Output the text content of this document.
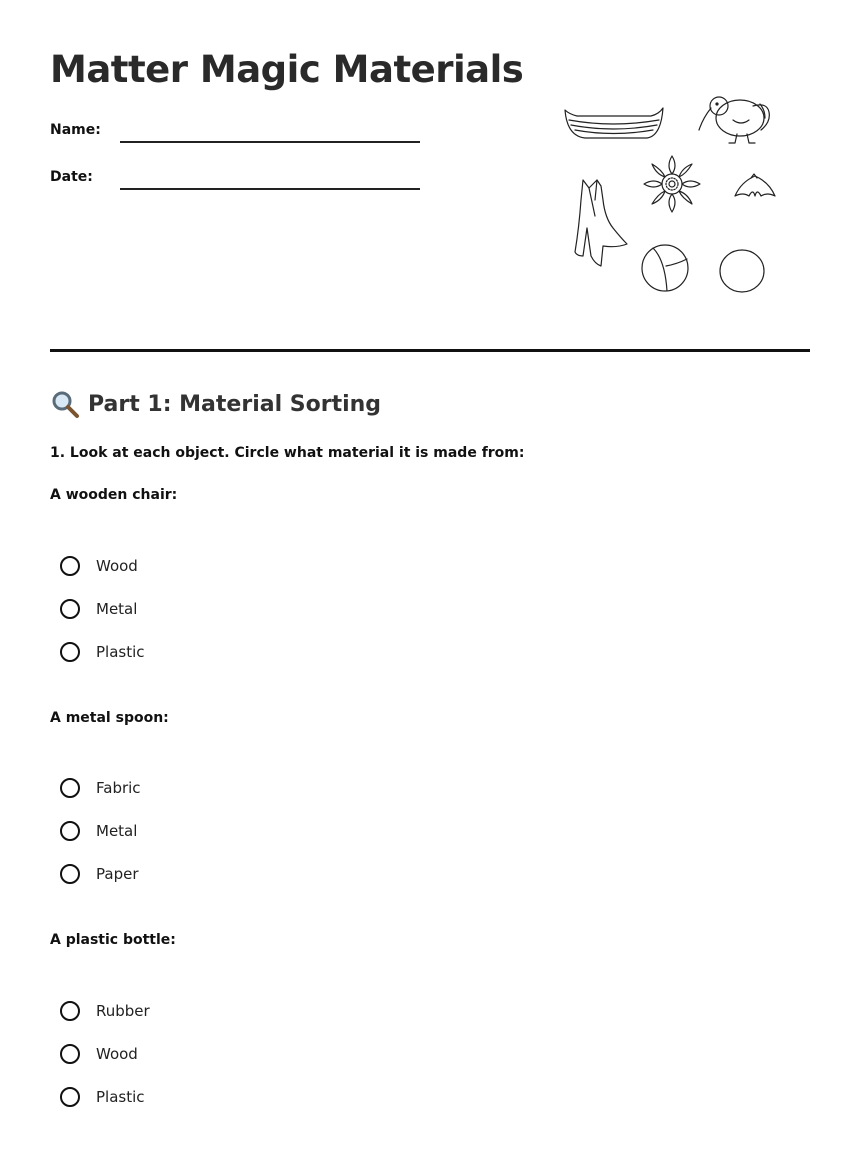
Matter Magic Materials
Name:
Date:
Part 1: Material Sorting
1. Look at each object. Circle what material it is made from:
A wooden chair:
Wood
Metal
Plastic
A metal spoon:
Fabric
Metal
Paper
A plastic bottle:
Rubber
Wood
Plastic
